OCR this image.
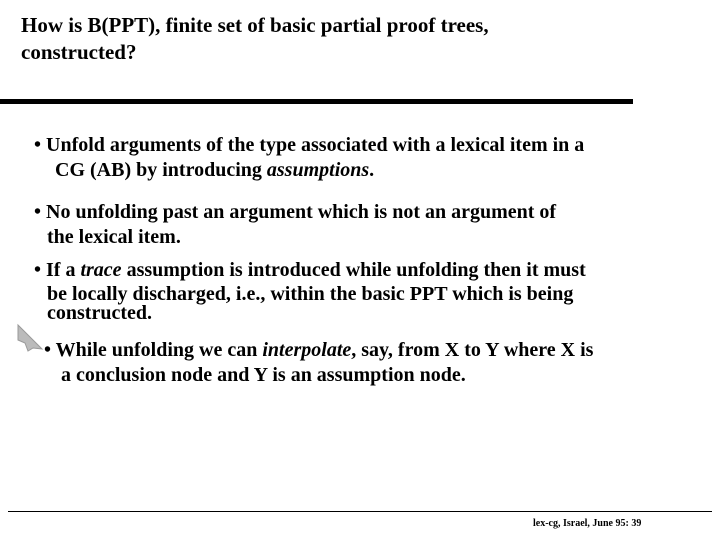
How is B(PPT), finite set of basic partial proof trees,
constructed?
• Unfold arguments of the type associated with a lexical item in a
CG (AB) by introducing assumptions.
• No unfolding past an argument which is not an argument of
the lexical item.
• If a trace assumption is introduced while unfolding then it must
be locally discharged, i.e., within the basic PPT which is being
constructed.
• While unfolding we can interpolate, say, from X to Y where X is
a conclusion node and Y is an assumption node.
lex-cg, Israel, June 95: 39
